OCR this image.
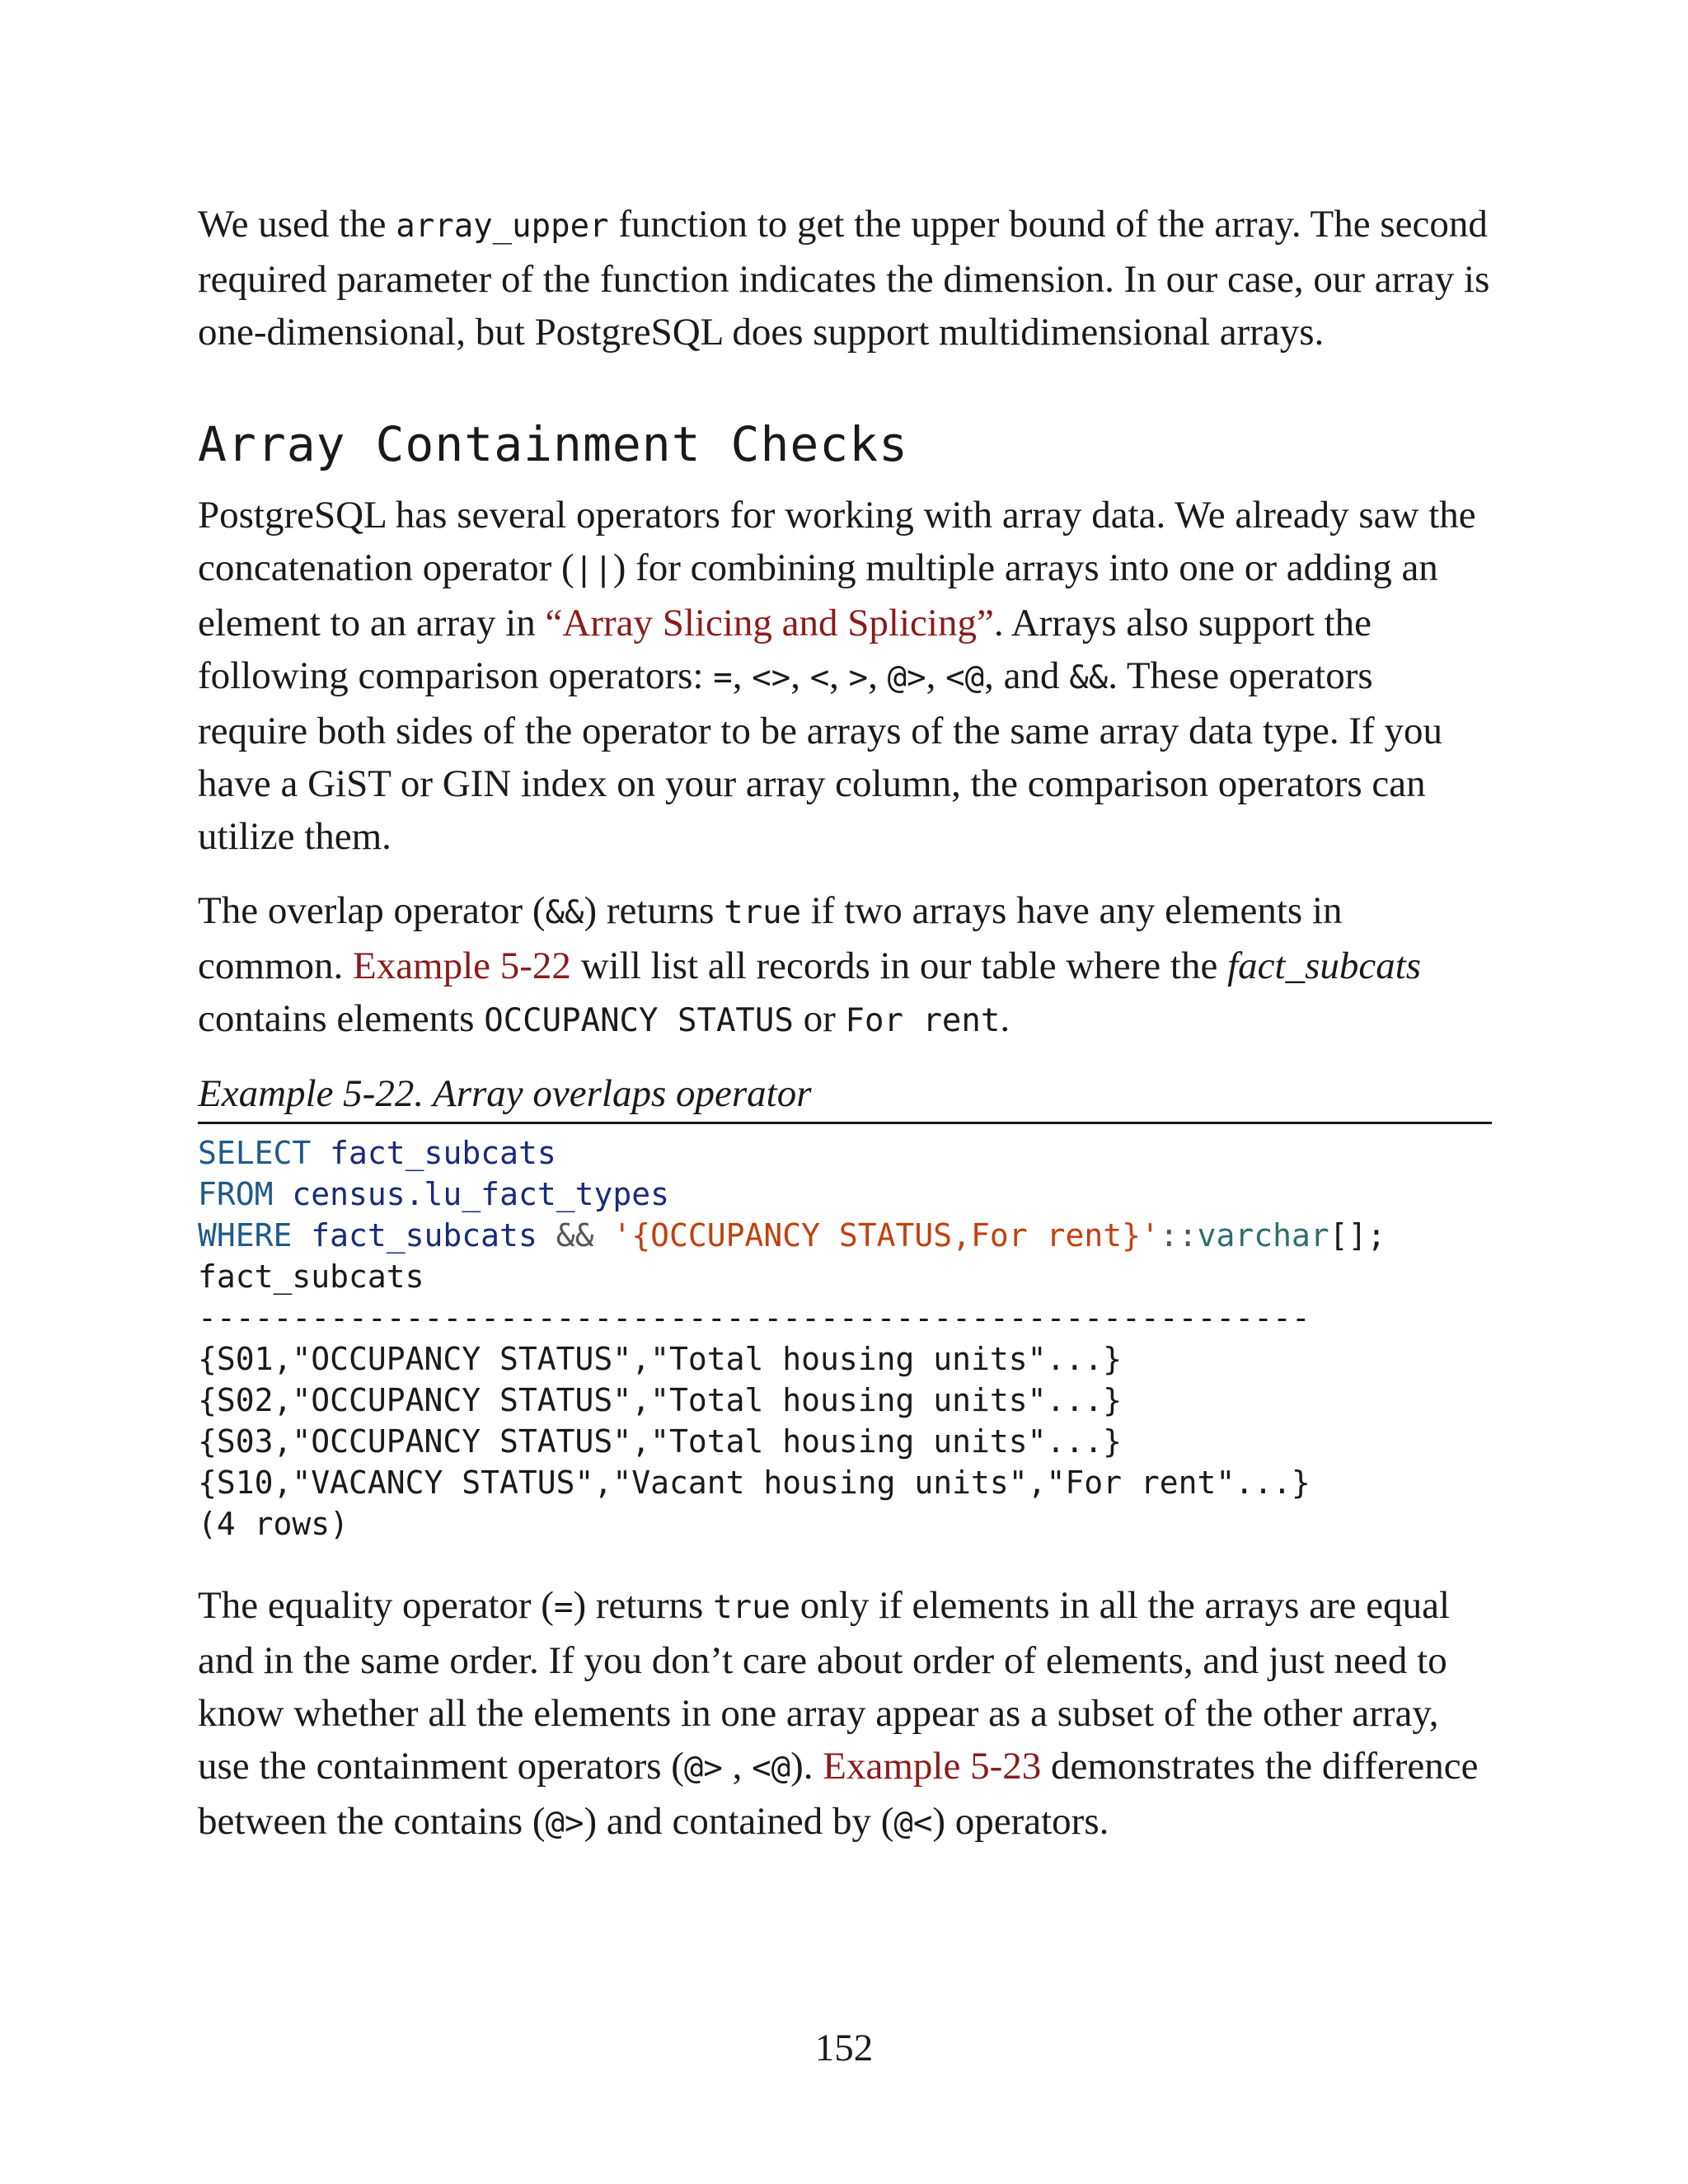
We used the array_upper function to get the upper bound of the array. The second required parameter of the function indicates the dimension. In our case, our array is one-dimensional, but PostgreSQL does support multidimensional arrays.

Array Containment Checks

PostgreSQL has several operators for working with array data. We already saw the concatenation operator (||) for combining multiple arrays into one or adding an element to an array in “Array Slicing and Splicing”. Arrays also support the following comparison operators: =, <>, <, >, @>, <@, and &&. These operators require both sides of the operator to be arrays of the same array data type. If you have a GiST or GIN index on your array column, the comparison operators can utilize them.

The overlap operator (&&) returns true if two arrays have any elements in common. Example 5-22 will list all records in our table where the fact_subcats contains elements OCCUPANCY STATUS or For rent.

Example 5-22. Array overlaps operator
SELECT fact_subcats
FROM census.lu_fact_types
WHERE fact_subcats && '{OCCUPANCY STATUS,For rent}'::varchar[];
fact_subcats
-----------------------------------------------------------
{S01,"OCCUPANCY STATUS","Total housing units"...}
{S02,"OCCUPANCY STATUS","Total housing units"...}
{S03,"OCCUPANCY STATUS","Total housing units"...}
{S10,"VACANCY STATUS","Vacant housing units","For rent"...}
(4 rows)

The equality operator (=) returns true only if elements in all the arrays are equal and in the same order. If you don’t care about order of elements, and just need to know whether all the elements in one array appear as a subset of the other array, use the containment operators (@> , <@). Example 5-23 demonstrates the difference between the contains (@>) and contained by (@<) operators.

152
